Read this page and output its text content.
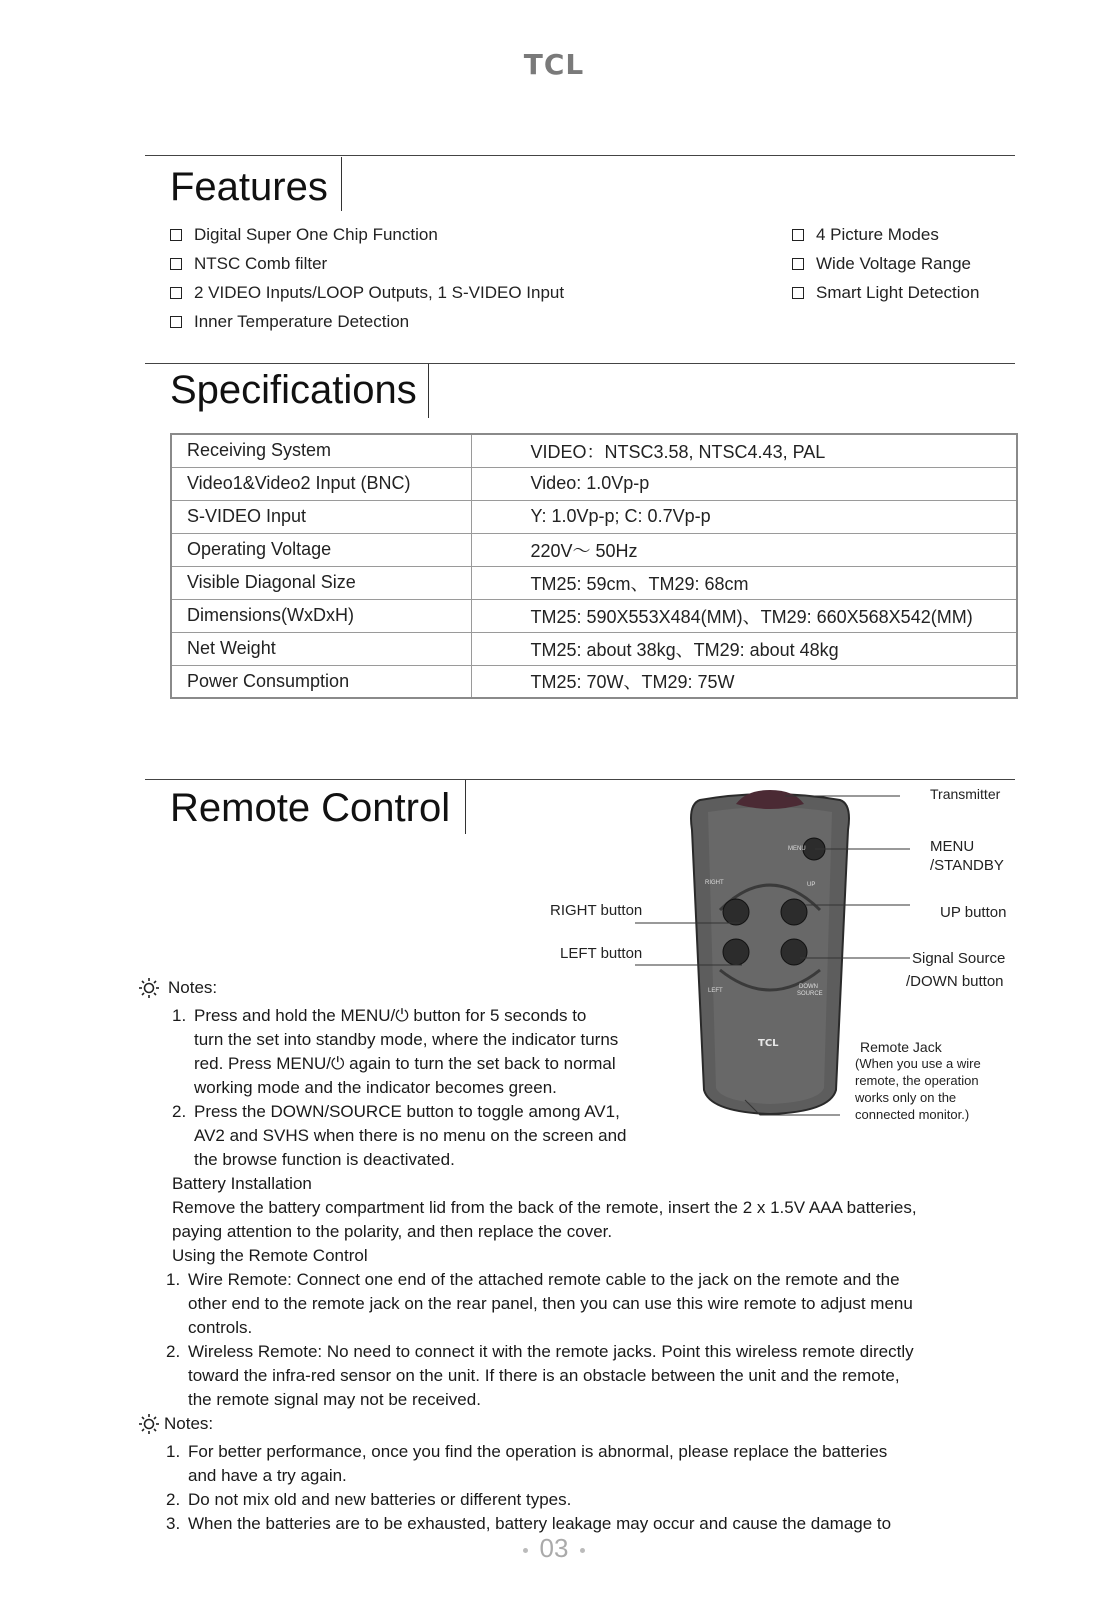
TCL
Features
Digital Super One Chip Function
NTSC Comb filter
2 VIDEO Inputs/LOOP Outputs, 1 S-VIDEO Input
Inner Temperature Detection
4 Picture Modes
Wide Voltage Range
Smart Light Detection
Specifications
Receiving System	VIDEO：NTSC3.58, NTSC4.43, PAL
Video1&Video2 Input (BNC)	Video: 1.0Vp-p
S-VIDEO Input	Y: 1.0Vp-p; C: 0.7Vp-p
Operating Voltage	220V～ 50Hz
Visible Diagonal Size	TM25: 59cm、TM29: 68cm
Dimensions(WxDxH)	TM25: 590X553X484(MM)、TM29: 660X568X542(MM)
Net Weight	TM25: about 38kg、TM29: about 48kg
Power Consumption	TM25: 70W、TM29: 75W
Remote Control
MENU
RIGHT	UP
LEFT
DOWN
SOURCE
TCL
Transmitter
MENU
/STANDBY
UP button
RIGHT button
LEFT button	Signal Source
/DOWN button
Remote Jack
(When you use a wire
remote, the operation
works only on the
connected monitor.)
Notes:
1. Press and hold the MENU/⏻ button for 5 seconds to
turn the set into standby mode, where the indicator turns
red. Press MENU/⏻ again to turn the set back to normal
working mode and the indicator becomes green.
2. Press the DOWN/SOURCE button to toggle among AV1,
AV2 and SVHS when there is no menu on the screen and
the browse function is deactivated.
Battery Installation
Remove the battery compartment lid from the back of the remote, insert the 2 x 1.5V AAA batteries,
paying attention to the polarity, and then replace the cover.
Using the Remote Control
1. Wire Remote: Connect one end of the attached remote cable to the jack on the remote and the
other end to the remote jack on the rear panel, then you can use this wire remote to adjust menu
controls.
2. Wireless Remote: No need to connect it with the remote jacks. Point this wireless remote directly
toward the infra-red sensor on the unit. If there is an obstacle between the unit and the remote,
the remote signal may not be received.
Notes:
1. For better performance, once you find the operation is abnormal, please replace the batteries
and have a try again.
2. Do not mix old and new batteries or different types.
3. When the batteries are to be exhausted, battery leakage may occur and cause the damage to
03
